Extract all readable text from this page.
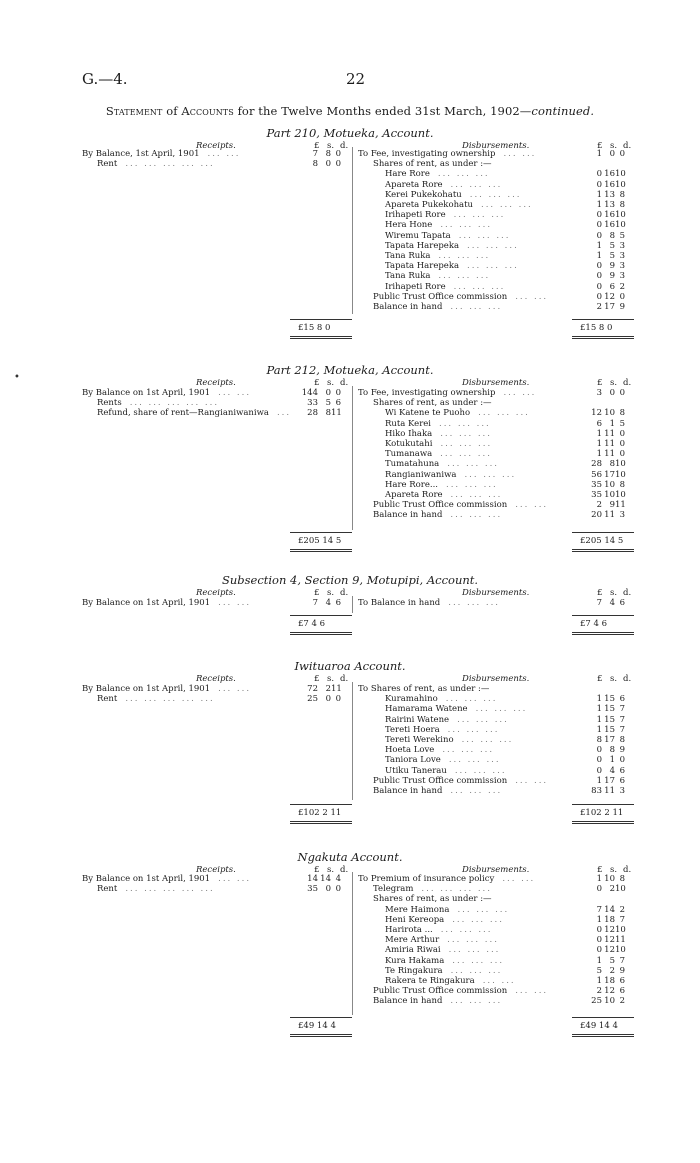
G.—4.	22
Statement of Accounts for the Twelve Months ended 31st March, 1902—continued.
•
Part 210, Motueka, Account.
Receipts.	Disbursements.
£ s. d.	£ s. d.
By Balance, 1st April, 1901 ... ...	7 8 0
Rent ... ... ... ... ...	8 0 0
To Fee, investigating ownership ... ...	1 0 0
Shares of rent, as under :—
Hare Rore ... ... ...	0 16 10
Apareta Rore ... ... ...	0 16 10
Kerei Pukekohatu ... ... ...	1 13 8
Apareta Pukekohatu ... ... ...	1 13 8
Irihapeti Rore ... ... ...	0 16 10
Hera Hone ... ... ...	0 16 10
Wiremu Tapata ... ... ...	0 8 5
Tapata Harepeka ... ... ...	1 5 3
Tana Ruka ... ... ...	1 5 3
Tapata Harepeka ... ... ...	0 9 3
Tana Ruka ... ... ...	0 9 3
Irihapeti Rore ... ... ...	0 6 2
Public Trust Office commission ... ...	0 12 0
Balance in hand ... ... ...	2 17 9
£15 8 0	£15 8 0
Part 212, Motueka, Account.
Receipts.	Disbursements.
£ s. d.	£ s. d.
By Balance on 1st April, 1901 ... ...	144 0 0
Rents ... ... ... ... ...	33 5 6
Refund, share of rent—Rangianiwaniwa ...	28 8 11
To Fee, investigating ownership ... ...	3 0 0
Shares of rent, as under :—
Wi Katene te Puoho ... ... ...	12 10 8
Ruta Kerei ... ... ...	6 1 5
Hiko Ihaka ... ... ...	1 11 0
Kotukutahi ... ... ...	1 11 0
Tumanawa ... ... ...	1 11 0
Tumatahuna ... ... ...	28 8 10
Rangianiwaniwa ... ... ...	56 17 10
Hare Rore... ... ... ...	35 10 8
Apareta Rore ... ... ...	35 10 10
Public Trust Office commission ... ...	2 9 11
Balance in hand ... ... ...	20 11 3
£205 14 5	£205 14 5
Subsection 4, Section 9, Motupipi, Account.
Receipts.	Disbursements.
£ s. d.	£ s. d.
By Balance on 1st April, 1901 ... ...	7 4 6 To Balance in hand ... ... ...	7 4 6
£7 4 6	£7 4 6
Iwituaroa Account.
Receipts.	Disbursements.
£ s. d.	£ s. d.
By Balance on 1st April, 1901 ... ...	72 2 11
Rent ... ... ... ... ...	25 0 0
To Shares of rent, as under :—
Kuramahino ... ... ...	1 15 6
Hamarama Watene ... ... ...	1 15 7
Rairini Watene ... ... ...	1 15 7
Tereti Hoera ... ... ...	1 15 7
Tereti Werekino ... ... ...	8 17 8
Hoeta Love ... ... ...	0 8 9
Taniora Love ... ... ...	0 1 0
Utiku Tanerau ... ... ...	0 4 6
Public Trust Office commission ... ...	1 17 6
Balance in hand ... ... ...	83 11 3
£102 2 11	£102 2 11
Ngakuta Account.
Receipts.	Disbursements.
£ s. d.	£ s. d.
By Balance on 1st April, 1901 ... ...	14 14 4
Rent ... ... ... ... ...	35 0 0
To Premium of insurance policy ... ...	1 10 8
Telegram ... ... ... ...	0 2 10
Shares of rent, as under :—
Mere Haimona ... ... ...	7 14 2
Heni Kereopa ... ... ...	1 18 7
Harirota ... ... ... ...	0 12 10
Mere Arthur ... ... ...	0 12 11
Amiria Riwai ... ... ...	0 12 10
Kura Hakama ... ... ...	1 5 7
Te Ringakura ... ... ...	5 2 9
Rakera te Ringakura ... ...	1 18 6
Public Trust Office commission ... ...	2 12 6
Balance in hand ... ... ...	25 10 2
£49 14 4	£49 14 4
